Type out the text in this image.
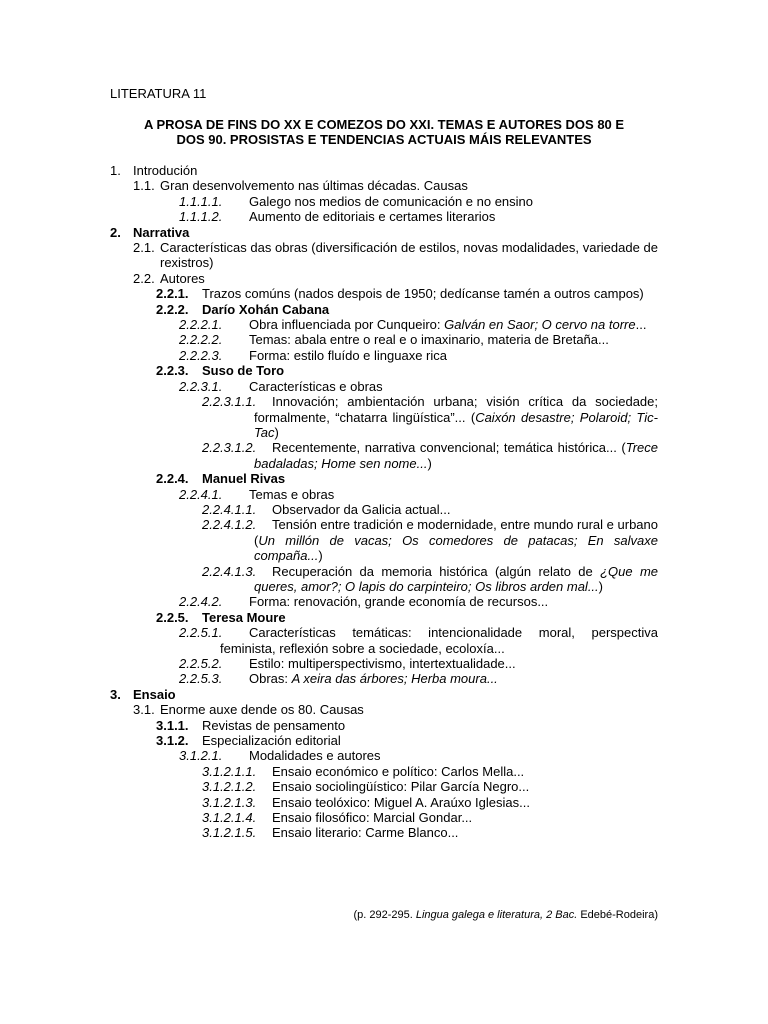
LITERATURA 11
A PROSA DE FINS DO XX E COMEZOS DO XXI. TEMAS E AUTORES DOS 80 E
DOS 90. PROSISTAS E TENDENCIAS ACTUAIS MÁIS RELEVANTES
1. Introdución
1.1. Gran desenvolvemento nas últimas décadas. Causas
1.1.1.1. Galego nos medios de comunicación e no ensino
1.1.1.2. Aumento de editoriais e certames literarios
2. Narrativa
2.1. Características das obras (diversificación de estilos, novas modalidades, variedade de rexistros)
2.2. Autores
2.2.1. Trazos comúns (nados despois de 1950; dedícanse tamén a outros campos)
2.2.2. Darío Xohán Cabana
2.2.2.1. Obra influenciada por Cunqueiro: Galván en Saor; O cervo na torre...
2.2.2.2. Temas: abala entre o real e o imaxinario, materia de Bretaña...
2.2.2.3. Forma: estilo fluído e linguaxe rica
2.2.3. Suso de Toro
2.2.3.1. Características e obras
2.2.3.1.1. Innovación; ambientación urbana; visión crítica da sociedade; formalmente, “chatarra lingüística”... (Caixón desastre; Polaroid; Tic-Tac)
2.2.3.1.2. Recentemente, narrativa convencional; temática histórica... (Trece badaladas; Home sen nome...)
2.2.4. Manuel Rivas
2.2.4.1. Temas e obras
2.2.4.1.1. Observador da Galicia actual...
2.2.4.1.2. Tensión entre tradición e modernidade, entre mundo rural e urbano (Un millón de vacas; Os comedores de patacas; En salvaxe compaña...)
2.2.4.1.3. Recuperación da memoria histórica (algún relato de ¿Que me queres, amor?; O lapis do carpinteiro; Os libros arden mal...)
2.2.4.2. Forma: renovación, grande economía de recursos...
2.2.5. Teresa Moure
2.2.5.1. Características temáticas: intencionalidade moral, perspectiva feminista, reflexión sobre a sociedade, ecoloxía...
2.2.5.2. Estilo: multiperspectivismo, intertextualidade...
2.2.5.3. Obras: A xeira das árbores; Herba moura...
3. Ensaio
3.1. Enorme auxe dende os 80. Causas
3.1.1. Revistas de pensamento
3.1.2. Especialización editorial
3.1.2.1. Modalidades e autores
3.1.2.1.1. Ensaio económico e político: Carlos Mella...
3.1.2.1.2. Ensaio sociolingüístico: Pilar García Negro...
3.1.2.1.3. Ensaio teolóxico: Miguel A. Araúxo Iglesias...
3.1.2.1.4. Ensaio filosófico: Marcial Gondar...
3.1.2.1.5. Ensaio literario: Carme Blanco...
(p. 292-295. Lingua galega e literatura, 2 Bac. Edebé-Rodeira)
